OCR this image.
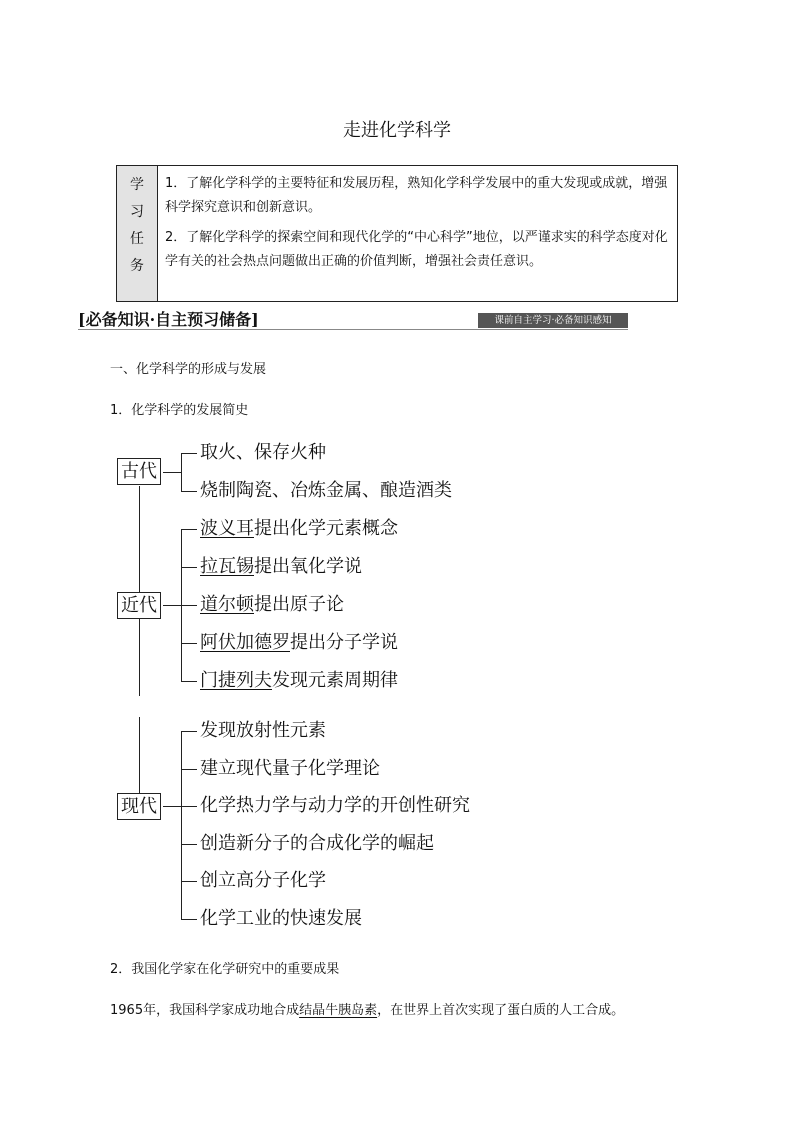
走进化学科学
学
习
任
务

1．了解化学科学的主要特征和发展历程，熟知化学科学发展中的重大发现或成就，增强科学探究意识和创新意识。

2．了解化学科学的探索空间和现代化学的“中心科学”地位，以严谨求实的科学态度对化学有关的社会热点问题做出正确的价值判断，增强社会责任意识。

[必备知识·自主预习储备]	课前自主学习·必备知识感知
一、化学科学的形成与发展
1．化学科学的发展简史
古代
取火、保存火种
烧制陶瓷、冶炼金属、酿造酒类
近代
波义耳提出化学元素概念
拉瓦锡提出氧化学说
道尔顿提出原子论
阿伏加德罗提出分子学说
门捷列夫发现元素周期律
现代
发现放射性元素
建立现代量子化学理论
化学热力学与动力学的开创性研究
创造新分子的合成化学的崛起
创立高分子化学
化学工业的快速发展
2．我国化学家在化学研究中的重要成果
1965年，我国科学家成功地合成结晶牛胰岛素，在世界上首次实现了蛋白质的人工合成。
